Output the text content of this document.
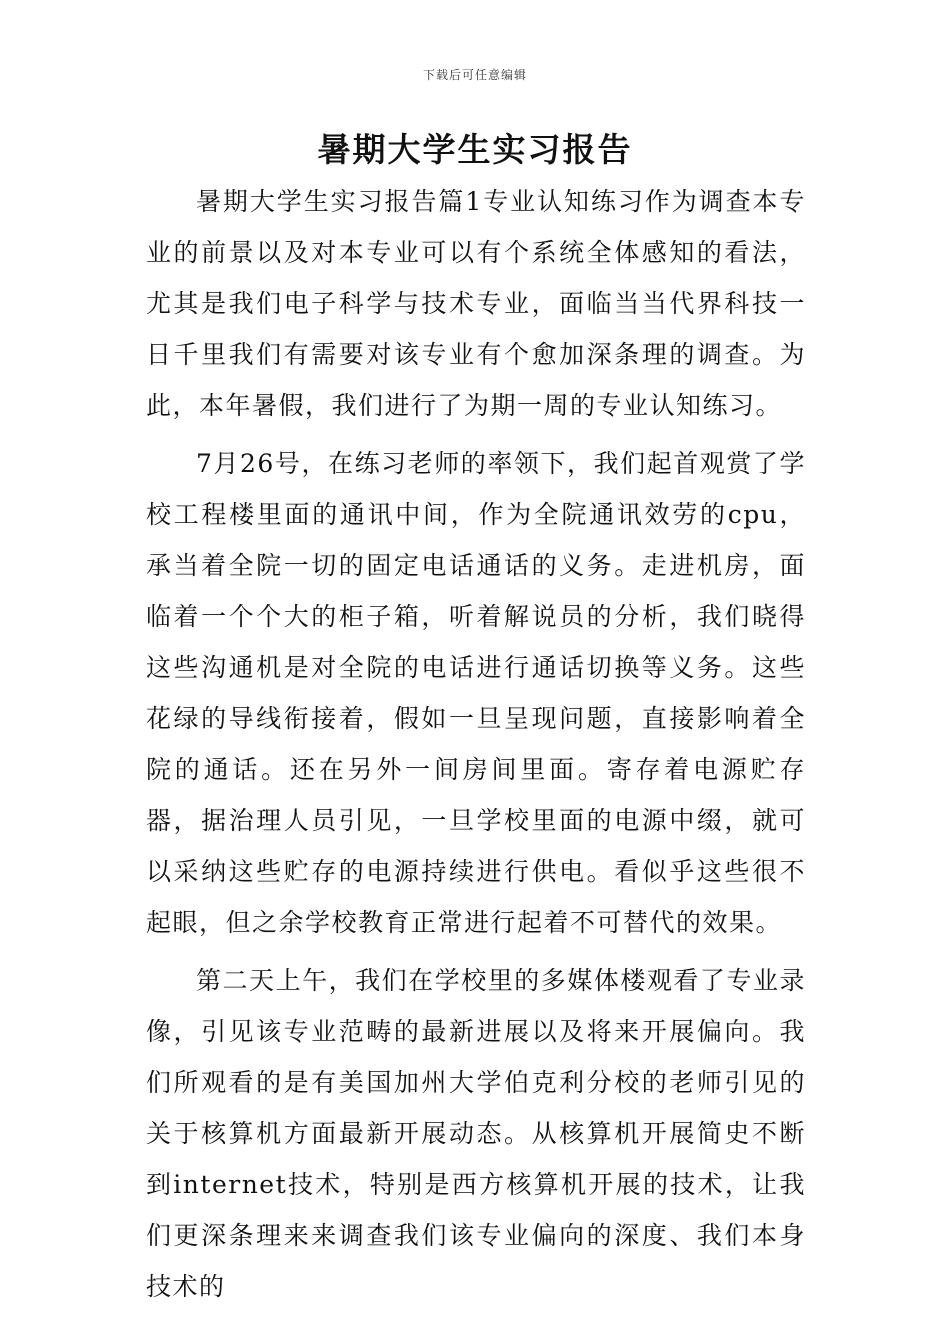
下载后可任意编辑
暑期大学生实习报告

暑期大学生实习报告篇1专业认知练习作为调查本专业的前景以及对本专业可以有个系统全体感知的看法，尤其是我们电子科学与技术专业，面临当当代界科技一日千里我们有需要对该专业有个愈加深条理的调查。为此，本年暑假，我们进行了为期一周的专业认知练习。

7月26号，在练习老师的率领下，我们起首观赏了学校工程楼里面的通讯中间，作为全院通讯效劳的cpu，承当着全院一切的固定电话通话的义务。走进机房，面临着一个个大的柜子箱，听着解说员的分析，我们晓得这些沟通机是对全院的电话进行通话切换等义务。这些花绿的导线衔接着，假如一旦呈现问题，直接影响着全院的通话。还在另外一间房间里面。寄存着电源贮存器，据治理人员引见，一旦学校里面的电源中缀，就可以采纳这些贮存的电源持续进行供电。看似乎这些很不起眼，但之余学校教育正常进行起着不可替代的效果。

第二天上午，我们在学校里的多媒体楼观看了专业录像，引见该专业范畴的最新进展以及将来开展偏向。我们所观看的是有美国加州大学伯克利分校的老师引见的关于核算机方面最新开展动态。从核算机开展简史不断到internet技术，特别是西方核算机开展的技术，让我们更深条理来来调查我们该专业偏向的深度、我们本身技术的
